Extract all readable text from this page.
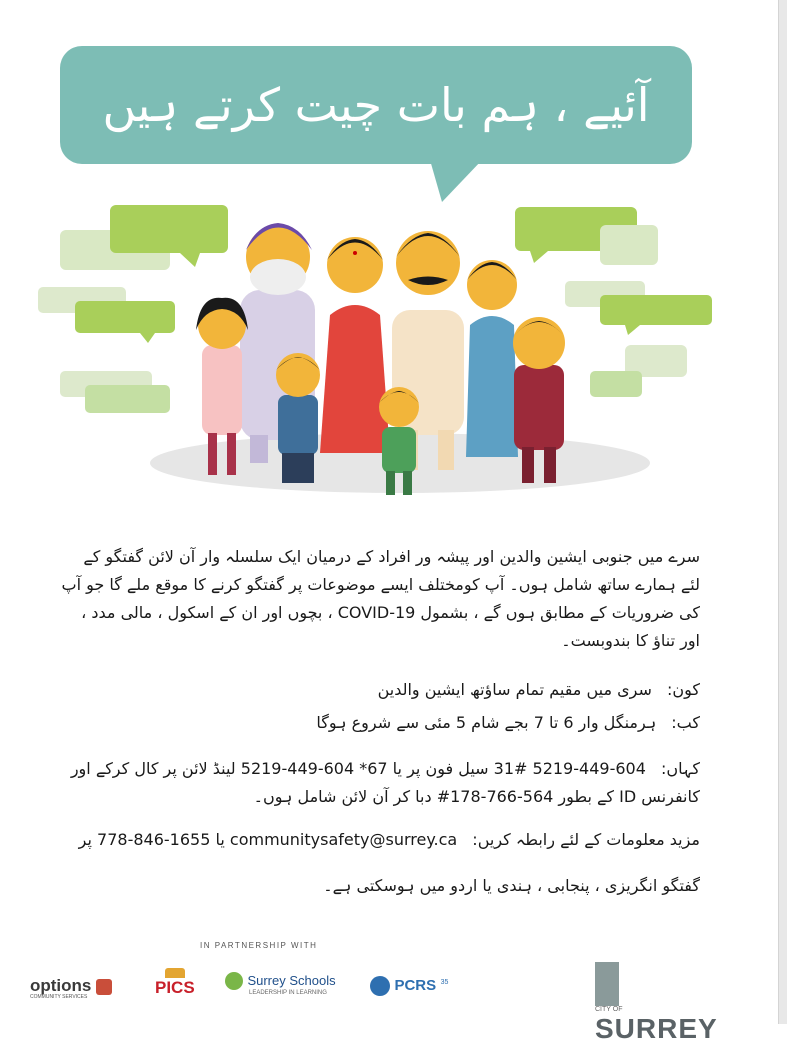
آئیے ، ہم بات چیت کرتے ہیں
سرے میں جنوبی ایشین والدین اور پیشہ ور افراد کے درمیان ایک سلسلہ وار آن لائن گفتگو کے لئے ہمارے ساتھ شامل ہوں۔ آپ کومختلف ایسے موضوعات پر گفتگو کرنے کا موقع ملے گا جو آپ کی ضروریات کے مطابق ہوں گے ، بشمول COVID-19 ، بچوں اور ان کے اسکول ، مالی مدد ، اور تناؤ کا بندوبست۔
کون: سری میں مقیم تمام ساؤتھ ایشین والدین
کب: ہرمنگل وار 6 تا 7 بجے شام 5 مئی سے شروع ہوگا
کہاں: 604-449-5219 #31 سیل فون پر یا 67* 604-449-5219 لینڈ لائن پر کال کرکے اور کانفرنس ID کے بطور 564-766-178# دبا کر آن لائن شامل ہوں۔
مزید معلومات کے لئے رابطہ کریں: communitysafety@surrey.ca یا 778-846-1655 پر
گفتگو انگریزی ، پنجابی ، ہندی یا اردو میں ہوسکتی ہے۔
IN PARTNERSHIP WITH
options
COMMUNITY SERVICES	PICS	Surrey Schools
LEADERSHIP IN LEARNING	PCRS $^{35}$

CITY OF
SURREY
